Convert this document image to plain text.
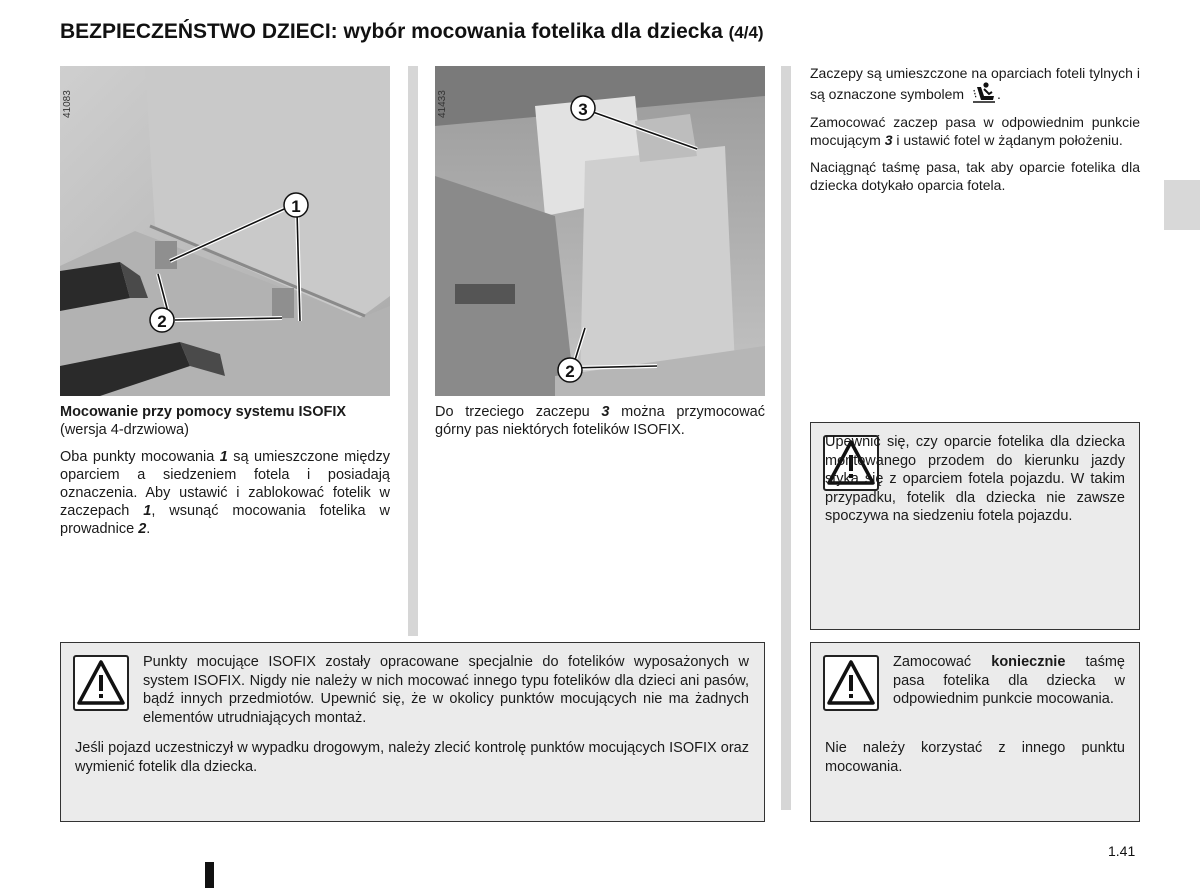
BEZPIECZEŃSTWO DZIECI: wybór mocowania fotelika dla dziecka (4/4)
1
2
41083	3
2
41433
Mocowanie przy pomocy systemu ISOFIX

(wersja 4-drzwiowa)

Oba punkty mocowania 1 są umieszczone między oparciem a siedzeniem fotela i posiadają oznaczenia. Aby ustawić i zablokować fotelik w zaczepach 1, wsunąć mocowania fotelika w prowadnice 2.

Do trzeciego zaczepu 3 można przymocować górny pas niektórych fotelików ISOFIX.

Zaczepy są umieszczone na oparciach foteli tylnych i są oznaczone symbolem .

Zamocować zaczep pasa w odpowiednim punkcie mocującym 3 i ustawić fotel w żądanym położeniu.

Naciągnąć taśmę pasa, tak aby oparcie fotelika dla dziecka dotykało oparcia fotela.

Upewnić się, czy oparcie fotelika dla dziecka montowanego przodem do kierunku jazdy styka się z oparciem fotela pojazdu. W takim przypadku, fotelik dla dziecka nie zawsze spoczywa na siedzeniu fotela pojazdu.

Punkty mocujące ISOFIX zostały opracowane specjalnie do fotelików wyposażonych w system ISOFIX. Nigdy nie należy w nich mocować innego typu fotelików dla dzieci ani pasów, bądź innych przedmiotów. Upewnić się, że w okolicy punktów mocujących nie ma żadnych elementów utrudniających montaż.

Jeśli pojazd uczestniczył w wypadku drogowym, należy zlecić kontrolę punktów mocujących ISOFIX oraz wymienić fotelik dla dziecka.

Zamocować koniecznie taśmę pasa fotelika dla dziecka w odpowiednim punkcie mocowania.

Nie należy korzystać z innego punktu mocowania.

1.41
